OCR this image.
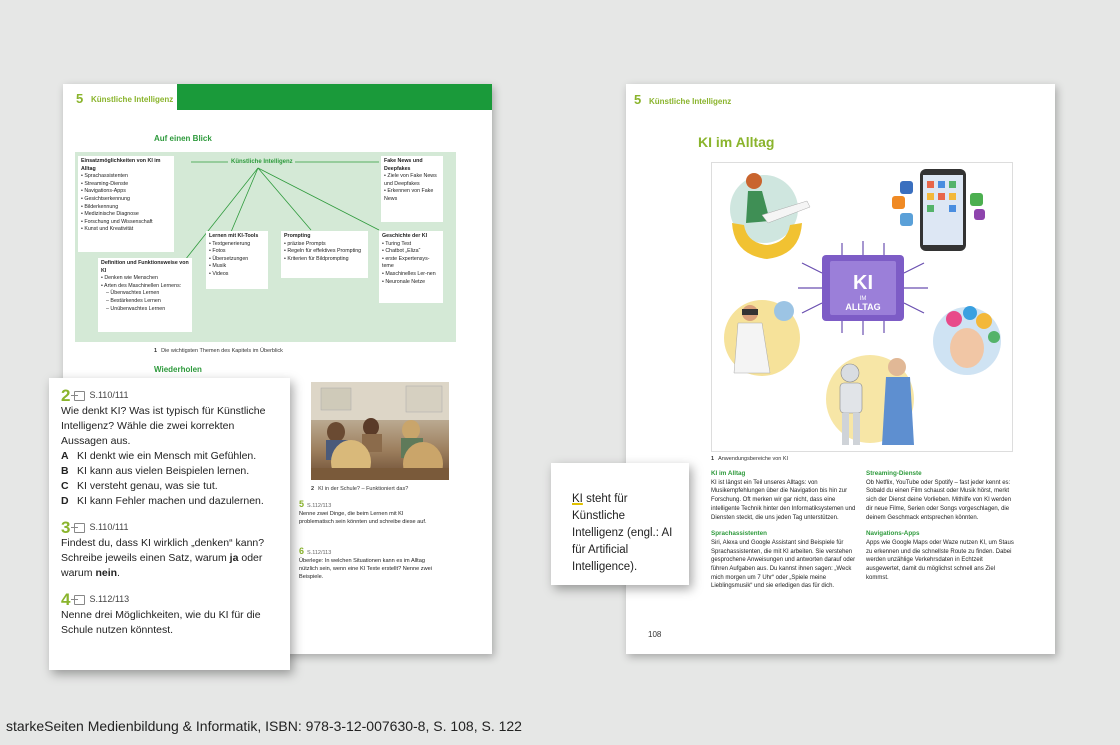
5 Künstliche Intelligenz
Auf einen Blick
Künstliche Intelligenz
Einsatzmöglichkeiten von KI im Alltag
• Sprachassistenten
• Streaming-Dienste
• Navigations-Apps
• Gesichtserkennung
• Bilderkennung
• Medizinische Diagnose
• Forschung und Wissenschaft
• Kunst und Kreativität
Fake News und Deepfakes
• Ziele von Fake News und Deepfakes
• Erkennen von Fake News
Definition und Funktionsweise von KI
• Denken wie Menschen
• Arten des Maschinellen Lernens:
– Überwachtes Lernen
– Bestärkendes Lernen
– Unüberwachtes Lernen
Lernen mit KI-Tools
• Textgenerierung
• Fotos
• Übersetzungen
• Musik
• Videos
Prompting
• präzise Prompts
• Regeln für effektives Prompting
• Kriterien für Bildprompting
Geschichte der KI
• Turing Test
• Chatbot „Eliza“
• erste Expertensys-teme
• Maschinelles Ler-nen
• Neuronale Netze
1 Die wichtigsten Themen des Kapitels im Überblick
Wiederholen
2 KI in der Schule? – Funktioniert das?
5 S.112/113
Nenne zwei Dinge, die beim Lernen mit KI problematisch sein könnten und schreibe diese auf.
6 S.112/113
Überlege: In welchen Situationen kann es im Alltag nützlich sein, wenn eine KI Texte erstellt? Nenne zwei Beispiele.
2 S.110/111
Wie denkt KI? Was ist typisch für Künstliche Intelligenz? Wähle die zwei korrekten Aussagen aus.
A KI denkt wie ein Mensch mit Gefühlen.
B KI kann aus vielen Beispielen lernen.
C KI versteht genau, was sie tut.
D KI kann Fehler machen und dazulernen.
3 S.110/111
Findest du, dass KI wirklich „denken“ kann? Schreibe jeweils einen Satz, warum ja oder warum nein.
4 S.112/113
Nenne drei Möglichkeiten, wie du KI für die Schule nutzen könntest.
5 Künstliche Intelligenz
KI im Alltag
KI
IM
ALLTAG
1 Anwendungsbereiche von KI
KI im Alltag

KI ist längst ein Teil unseres Alltags: von Musikempfehlungen über die Navigation bis hin zur Forschung. Oft merken wir gar nicht, dass eine intelligente Technik hinter den Informatiksystemen und Diensten steckt, die uns jeden Tag unterstützen.

Sprachassistenten

Siri, Alexa und Google Assistant sind Beispiele für Sprachassistenten, die mit KI arbeiten. Sie verstehen gesprochene Anweisungen und antworten darauf oder führen Aufgaben aus. Du kannst ihnen sagen: „Weck mich morgen um 7 Uhr“ oder „Spiele meine Lieblingsmusik“ und sie erledigen das für dich.

Streaming-Dienste

Ob Netflix, YouTube oder Spotify – fast jeder kennt es: Sobald du einen Film schaust oder Musik hörst, merkt sich der Dienst deine Vorlieben. Mithilfe von KI werden dir neue Filme, Serien oder Songs vorgeschlagen, die deinem Geschmack entsprechen könnten.

Navigations-Apps

Apps wie Google Maps oder Waze nutzen KI, um Staus zu erkennen und die schnellste Route zu finden. Dabei werden unzählige Verkehrsdaten in Echtzeit ausgewertet, damit du möglichst schnell ans Ziel kommst.

108
KI steht für Künstliche Intelligenz (engl.: AI für Artificial Intelligence).
starkeSeiten Medienbildung & Informatik, ISBN: 978-3-12-007630-8, S. 108, S. 122
